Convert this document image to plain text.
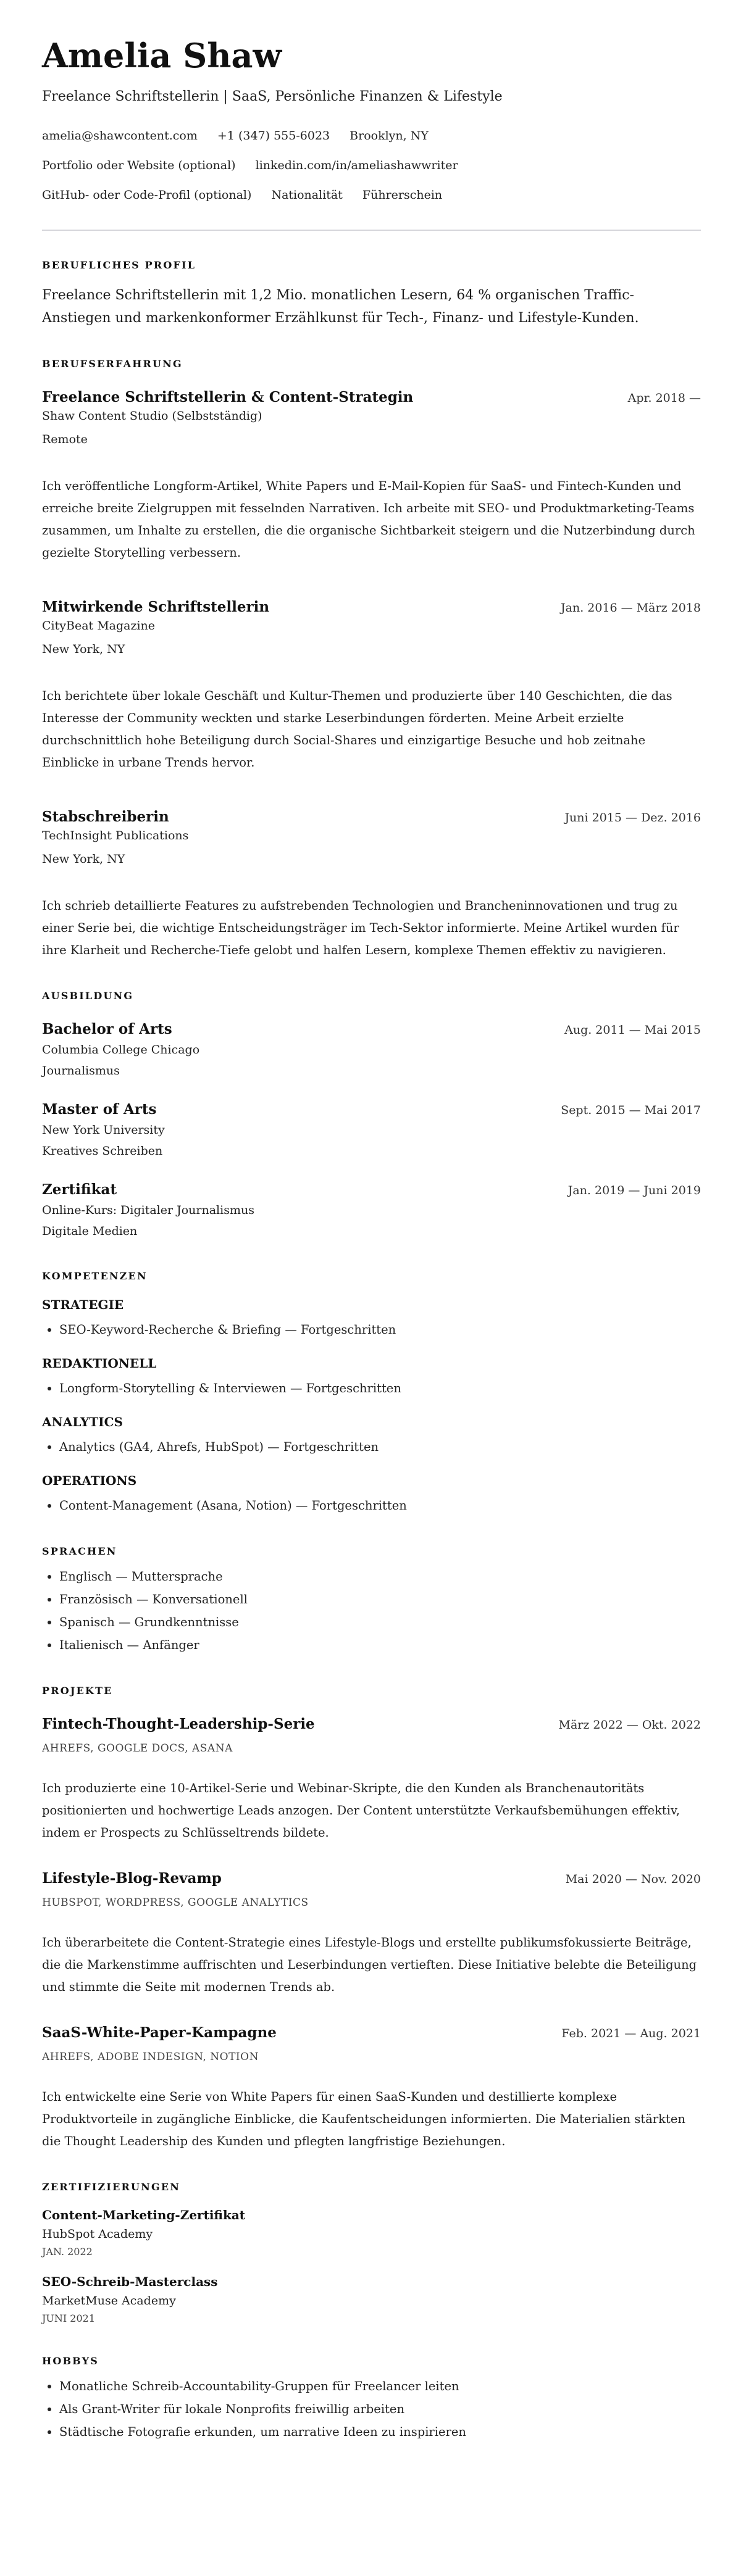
Amelia Shaw
Freelance Schriftstellerin | SaaS, Persönliche Finanzen & Lifestyle
amelia@shawcontent.com +1 (347) 555-6023 Brooklyn, NY
Portfolio oder Website (optional) linkedin.com/in/ameliashawwriter
GitHub- oder Code-Profil (optional) Nationalität Führerschein
BERUFLICHES PROFIL
Freelance Schriftstellerin mit 1,2 Mio. monatlichen Lesern, 64 % organischen Traffic-Anstiegen und markenkonformer Erzählkunst für Tech-, Finanz- und Lifestyle-Kunden.
BERUFSERFAHRUNG
Freelance Schriftstellerin & Content-Strategin	Apr. 2018 —
Shaw Content Studio (Selbstständig)
Remote
Ich veröffentliche Longform-Artikel, White Papers und E-Mail-Kopien für SaaS- und Fintech-Kunden und erreiche breite Zielgruppen mit fesselnden Narrativen. Ich arbeite mit SEO- und Produktmarketing-Teams zusammen, um Inhalte zu erstellen, die die organische Sichtbarkeit steigern und die Nutzerbindung durch gezielte Storytelling verbessern.
Mitwirkende Schriftstellerin	Jan. 2016 — März 2018
CityBeat Magazine
New York, NY
Ich berichtete über lokale Geschäft und Kultur-Themen und produzierte über 140 Geschichten, die das Interesse der Community weckten und starke Leserbindungen förderten. Meine Arbeit erzielte durchschnittlich hohe Beteiligung durch Social-Shares und einzigartige Besuche und hob zeitnahe Einblicke in urbane Trends hervor.
Stabschreiberin	Juni 2015 — Dez. 2016
TechInsight Publications
New York, NY
Ich schrieb detaillierte Features zu aufstrebenden Technologien und Brancheninnovationen und trug zu einer Serie bei, die wichtige Entscheidungsträger im Tech-Sektor informierte. Meine Artikel wurden für ihre Klarheit und Recherche-Tiefe gelobt und halfen Lesern, komplexe Themen effektiv zu navigieren.
AUSBILDUNG
Bachelor of Arts	Aug. 2011 — Mai 2015
Columbia College Chicago
Journalismus
Master of Arts	Sept. 2015 — Mai 2017
New York University
Kreatives Schreiben
Zertifikat	Jan. 2019 — Juni 2019
Online-Kurs: Digitaler Journalismus
Digitale Medien
KOMPETENZEN
STRATEGIE
• SEO-Keyword-Recherche & Briefing — Fortgeschritten
REDAKTIONELL
• Longform-Storytelling & Interviewen — Fortgeschritten
ANALYTICS
• Analytics (GA4, Ahrefs, HubSpot) — Fortgeschritten
OPERATIONS
• Content-Management (Asana, Notion) — Fortgeschritten
SPRACHEN
• Englisch — Muttersprache
• Französisch — Konversationell
• Spanisch — Grundkenntnisse
• Italienisch — Anfänger
PROJEKTE
Fintech-Thought-Leadership-Serie	März 2022 — Okt. 2022
AHREFS, GOOGLE DOCS, ASANA
Ich produzierte eine 10-Artikel-Serie und Webinar-Skripte, die den Kunden als Branchenautoritäts positionierten und hochwertige Leads anzogen. Der Content unterstützte Verkaufsbemühungen effektiv, indem er Prospects zu Schlüsseltrends bildete.
Lifestyle-Blog-Revamp	Mai 2020 — Nov. 2020
HUBSPOT, WORDPRESS, GOOGLE ANALYTICS
Ich überarbeitete die Content-Strategie eines Lifestyle-Blogs und erstellte publikumsfokussierte Beiträge, die die Markenstimme auffrischten und Leserbindungen vertieften. Diese Initiative belebte die Beteiligung und stimmte die Seite mit modernen Trends ab.
SaaS-White-Paper-Kampagne	Feb. 2021 — Aug. 2021
AHREFS, ADOBE INDESIGN, NOTION
Ich entwickelte eine Serie von White Papers für einen SaaS-Kunden und destillierte komplexe Produktvorteile in zugängliche Einblicke, die Kaufentscheidungen informierten. Die Materialien stärkten die Thought Leadership des Kunden und pflegten langfristige Beziehungen.
ZERTIFIZIERUNGEN
Content-Marketing-Zertifikat
HubSpot Academy
JAN. 2022
SEO-Schreib-Masterclass
MarketMuse Academy
JUNI 2021
HOBBYS
• Monatliche Schreib-Accountability-Gruppen für Freelancer leiten
• Als Grant-Writer für lokale Nonprofits freiwillig arbeiten
• Städtische Fotografie erkunden, um narrative Ideen zu inspirieren
